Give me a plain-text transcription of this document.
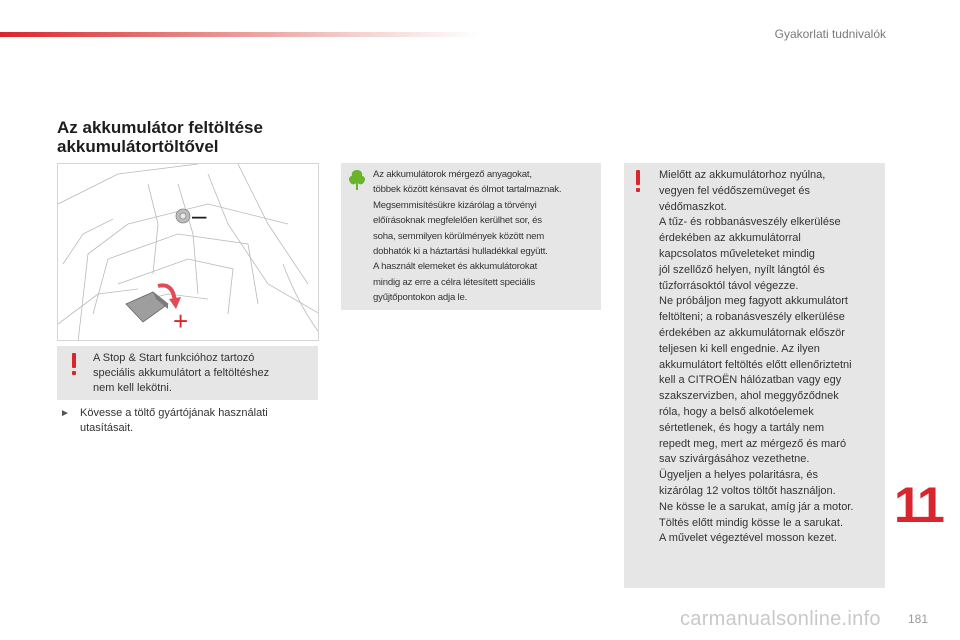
Gyakorlati tudnivalók
Az akkumulátor feltöltése
akkumulátortöltővel
–
+
A Stop & Start funkcióhoz tartozó
speciális akkumulátort a feltöltéshez
nem kell lekötni.
► Kövesse a töltő gyártójának használati
utasításait.
Az akkumulátorok mérgező anyagokat,
többek között kénsavat és ólmot tartalmaznak.
Megsemmisítésükre kizárólag a törvényi
előírásoknak megfelelően kerülhet sor, és
soha, semmilyen körülmények között nem
dobhatók ki a háztartási hulladékkal együtt.
A használt elemeket és akkumulátorokat
mindig az erre a célra létesített speciális
gyűjtőpontokon adja le.
Mielőtt az akkumulátorhoz nyúlna,
vegyen fel védőszemüveget és
védőmaszkot.
A tűz- és robbanásveszély elkerülése
érdekében az akkumulátorral
kapcsolatos műveleteket mindig
jól szellőző helyen, nyílt lángtól és
tűzforrásoktól távol végezze.
Ne próbáljon meg fagyott akkumulátort
feltölteni; a robanásveszély elkerülése
érdekében az akkumulátornak először
teljesen ki kell engednie. Az ilyen
akkumulátort feltöltés előtt ellenőriztetni
kell a CITROËN hálózatban vagy egy
szakszervizben, ahol meggyőződnek
róla, hogy a belső alkotóelemek
sértetlenek, és hogy a tartály nem
repedt meg, mert az mérgező és maró
sav szivárgásához vezethetne.
Ügyeljen a helyes polaritásra, és
kizárólag 12 voltos töltőt használjon.
Ne kösse le a sarukat, amíg jár a motor.
Töltés előtt mindig kösse le a sarukat.
A művelet végeztével mosson kezet.
11
carmanualsonline.info 181
